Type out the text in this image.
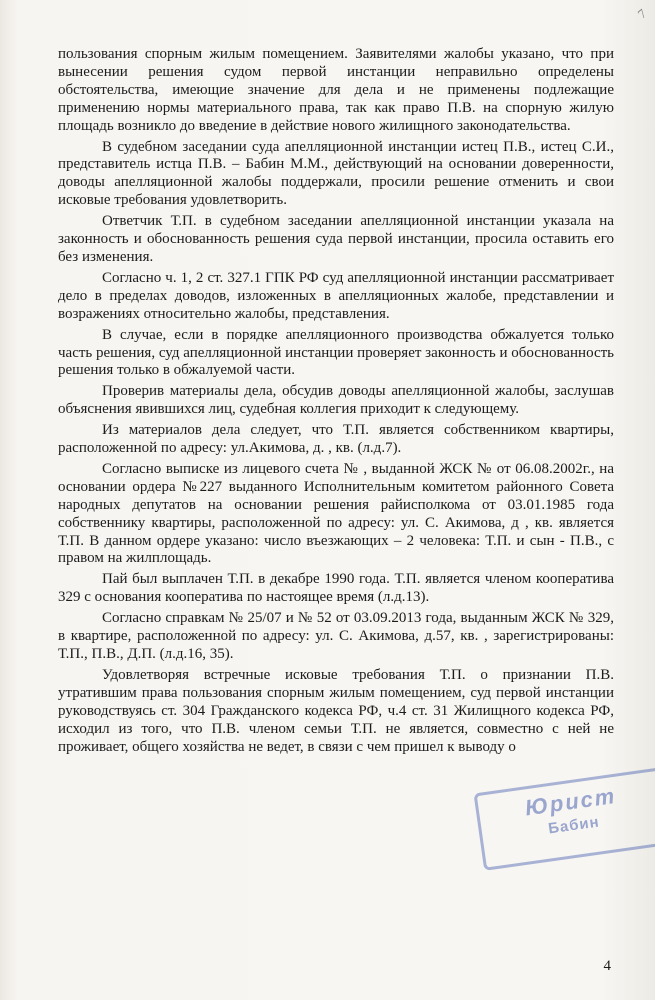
7

пользования спорным жилым помещением. Заявителями жалобы указано, что при вынесении решения судом первой инстанции неправильно определены обстоятельства, имеющие значение для дела и не применены подлежащие применению нормы материального права, так как право П.В. на спорную жилую площадь возникло до введение в действие нового жилищного законодательства.

В судебном заседании суда апелляционной инстанции истец П.В., истец С.И., представитель истца П.В. – Бабин М.М., действующий на основании доверенности, доводы апелляционной жалобы поддержали, просили решение отменить и свои исковые требования удовлетворить.

Ответчик Т.П. в судебном заседании апелляционной инстанции указала на законность и обоснованность решения суда первой инстанции, просила оставить его без изменения.

Согласно ч. 1, 2 ст. 327.1 ГПК РФ суд апелляционной инстанции рассматривает дело в пределах доводов, изложенных в апелляционных жалобе, представлении и возражениях относительно жалобы, представления.

В случае, если в порядке апелляционного производства обжалуется только часть решения, суд апелляционной инстанции проверяет законность и обоснованность решения только в обжалуемой части.

Проверив материалы дела, обсудив доводы апелляционной жалобы, заслушав объяснения явившихся лиц, судебная коллегия приходит к следующему.

Из материалов дела следует, что Т.П. является собственником квартиры, расположенной по адресу: ул.Акимова, д. , кв. (л.д.7).

Согласно выписке из лицевого счета № , выданной ЖСК № от 06.08.2002г., на основании ордера №227 выданного Исполнительным комитетом районного Совета народных депутатов на основании решения райисполкома от 03.01.1985 года собственнику квартиры, расположенной по адресу: ул. С. Акимова, д , кв. является Т.П. В данном ордере указано: число въезжающих – 2 человека: Т.П. и сын - П.В., с правом на жилплощадь.

Пай был выплачен Т.П. в декабре 1990 года. Т.П. является членом кооператива 329 с основания кооператива по настоящее время (л.д.13).

Согласно справкам № 25/07 и № 52 от 03.09.2013 года, выданным ЖСК № 329, в квартире, расположенной по адресу: ул. С. Акимова, д.57, кв. , зарегистрированы: Т.П., П.В., Д.П. (л.д.16, 35).

Удовлетворяя встречные исковые требования Т.П. о признании П.В. утратившим права пользования спорным жилым помещением, суд первой инстанции руководствуясь ст. 304 Гражданского кодекса РФ, ч.4 ст. 31 Жилищного кодекса РФ, исходил из того, что П.В. членом семьи Т.П. не является, совместно с ней не проживает, общего хозяйства не ведет, в связи с чем пришел к выводу о

Юрист
Бабин
4
